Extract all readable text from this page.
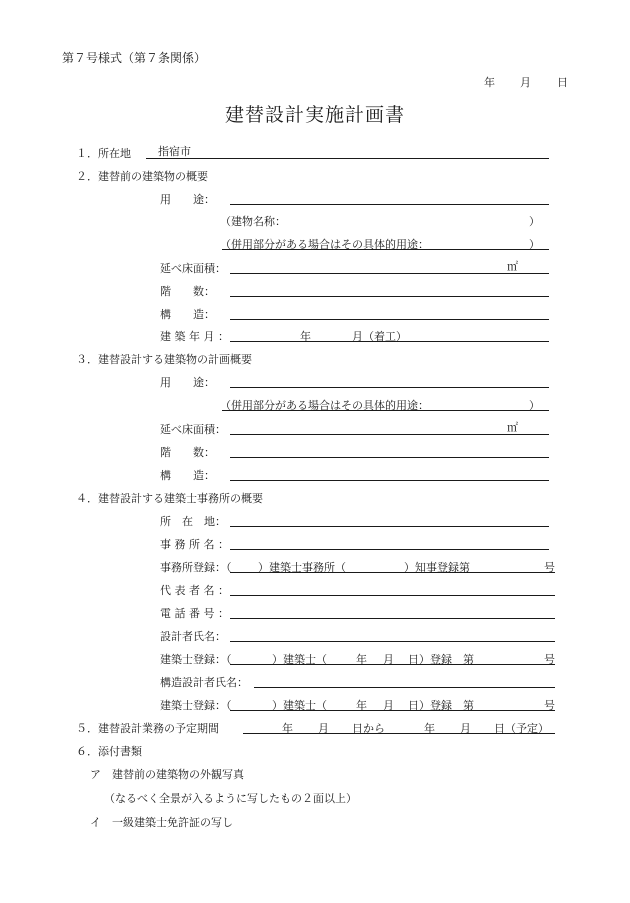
第７号様式（第７条関係）
年 月 日
建替設計実施計画書
１．所在地 指宿市
２．建替前の建築物の概要
用　　途：
（建物名称：	）
（併用部分がある場合はその具体的用途：	）
延べ床面積：	㎡
階　　数：
構　　造：
建 築 年 月 ：	年	月（着工）
３．建替設計する建築物の計画概要
用　　途：
（併用部分がある場合はその具体的用途：	）
延べ床面積：	㎡
階　　数：
構　　造：
４．建替設計する建築士事務所の概要
所　在　地：
事 務 所 名 ：
事務所登録：（ ）建築士事務所（	）知事登録第	号
代 表 者 名 ：
電 話 番 号 ：
設計者氏名：
建築士登録：（	）建築士（	年 月 日）登録　第	号
構造設計者氏名：
建築士登録：（	）建築士（	年 月 日）登録　第	号
５．建替設計業務の予定期間	年 月 日から	年 月 日（予定）
６．添付書類
ア　建替前の建築物の外観写真
（なるべく全景が入るように写したもの２面以上）
イ　一級建築士免許証の写し
